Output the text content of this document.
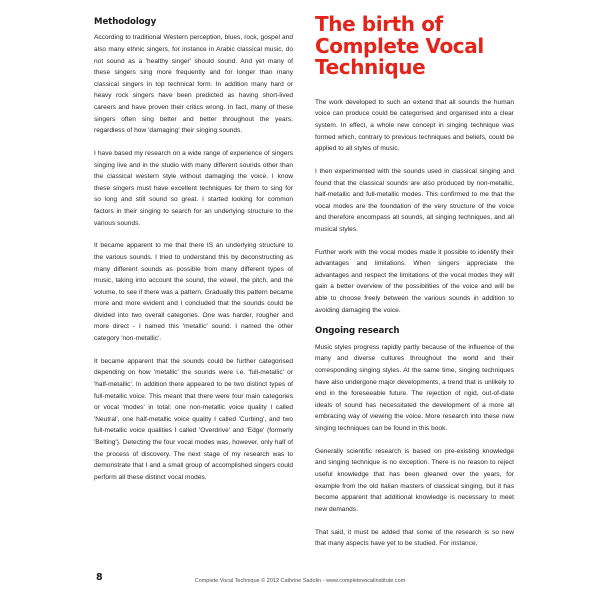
Methodology

According to traditional Western perception, blues, rock, gospel and also many ethnic singers, for instance in Arabic classical music, do not sound as a 'healthy singer' should sound. And yet many of these singers sing more frequently and for longer than many classical singers in top technical form. In addition many hard or heavy rock singers have been predicted as having short-lived careers and have proven their critics wrong. In fact, many of these singers often sing better and better throughout the years, regardless of how 'damaging' their singing sounds.

I have based my research on a wide range of experience of singers singing live and in the studio with many different sounds other than the classical western style without damaging the voice. I know these singers must have excellent techniques for them to sing for so long and still sound so great. I started looking for common factors in their singing to search for an underlying structure to the various sounds.

It became apparent to me that there IS an underlying structure to the various sounds. I tried to understand this by deconstructing as many different sounds as possible from many different types of music, taking into account the sound, the vowel, the pitch, and the volume, to see if there was a pattern. Gradually this pattern became more and more evident and I concluded that the sounds could be divided into two overall categories. One was harder, rougher and more direct - I named this 'metallic' sound. I named the other category 'non-metallic'.

It became apparent that the sounds could be further categorised depending on how 'metallic' the sounds were i.e. 'full-metallic' or 'half-metallic'. In addition there appeared to be two distinct types of full-metallic voice. This meant that there were four main categories or vocal 'modes' in total: one non-metallic voice quality I called 'Neutral', one half-metallic voice quality I called 'Curbing', and two full-metallic voice qualities I called 'Overdrive' and 'Edge' (formerly 'Belting'). Detecting the four vocal modes was, however, only half of the process of discovery. The next stage of my research was to demonstrate that I and a small group of accomplished singers could perform all these distinct vocal modes.

The birth of Complete Vocal Technique

The work developed to such an extend that all sounds the human voice can produce could be categorised and organised into a clear system. In effect, a whole new concept in singing technique was formed which, contrary to previous techniques and beliefs, could be applied to all styles of music.

I then experimented with the sounds used in classical singing and found that the classical sounds are also produced by non-metallic, half-metallic and full-metallic modes. This confirmed to me that the vocal modes are the foundation of the very structure of the voice and therefore encompass all sounds, all singing techniques, and all musical styles.

Further work with the vocal modes made it possible to identify their advantages and limitations. When singers appreciate the advantages and respect the limitations of the vocal modes they will gain a better overview of the possibilities of the voice and will be able to choose freely between the various sounds in addition to avoiding damaging the voice.

Ongoing research

Music styles progress rapidly partly because of the influence of the many and diverse cultures throughout the world and their corresponding singing styles. At the same time, singing techniques have also undergone major developments, a trend that is unlikely to end in the foreseeable future. The rejection of rigid, out-of-date ideals of sound has necessitated the development of a more all embracing way of viewing the voice. More research into these new singing techniques can be found in this book.

Generally scientific research is based on pre-existing knowledge and singing technique is no exception. There is no reason to reject useful knowledge that has been gleaned over the years, for example from the old Italian masters of classical singing, but it has become apparent that additional knowledge is necessary to meet new demands.

That said, it must be added that some of the research is so new that many aspects have yet to be studied. For instance,

8	Complete Vocal Technique © 2012 Cathrine Sadolin - www.completevocalinstitute.com
